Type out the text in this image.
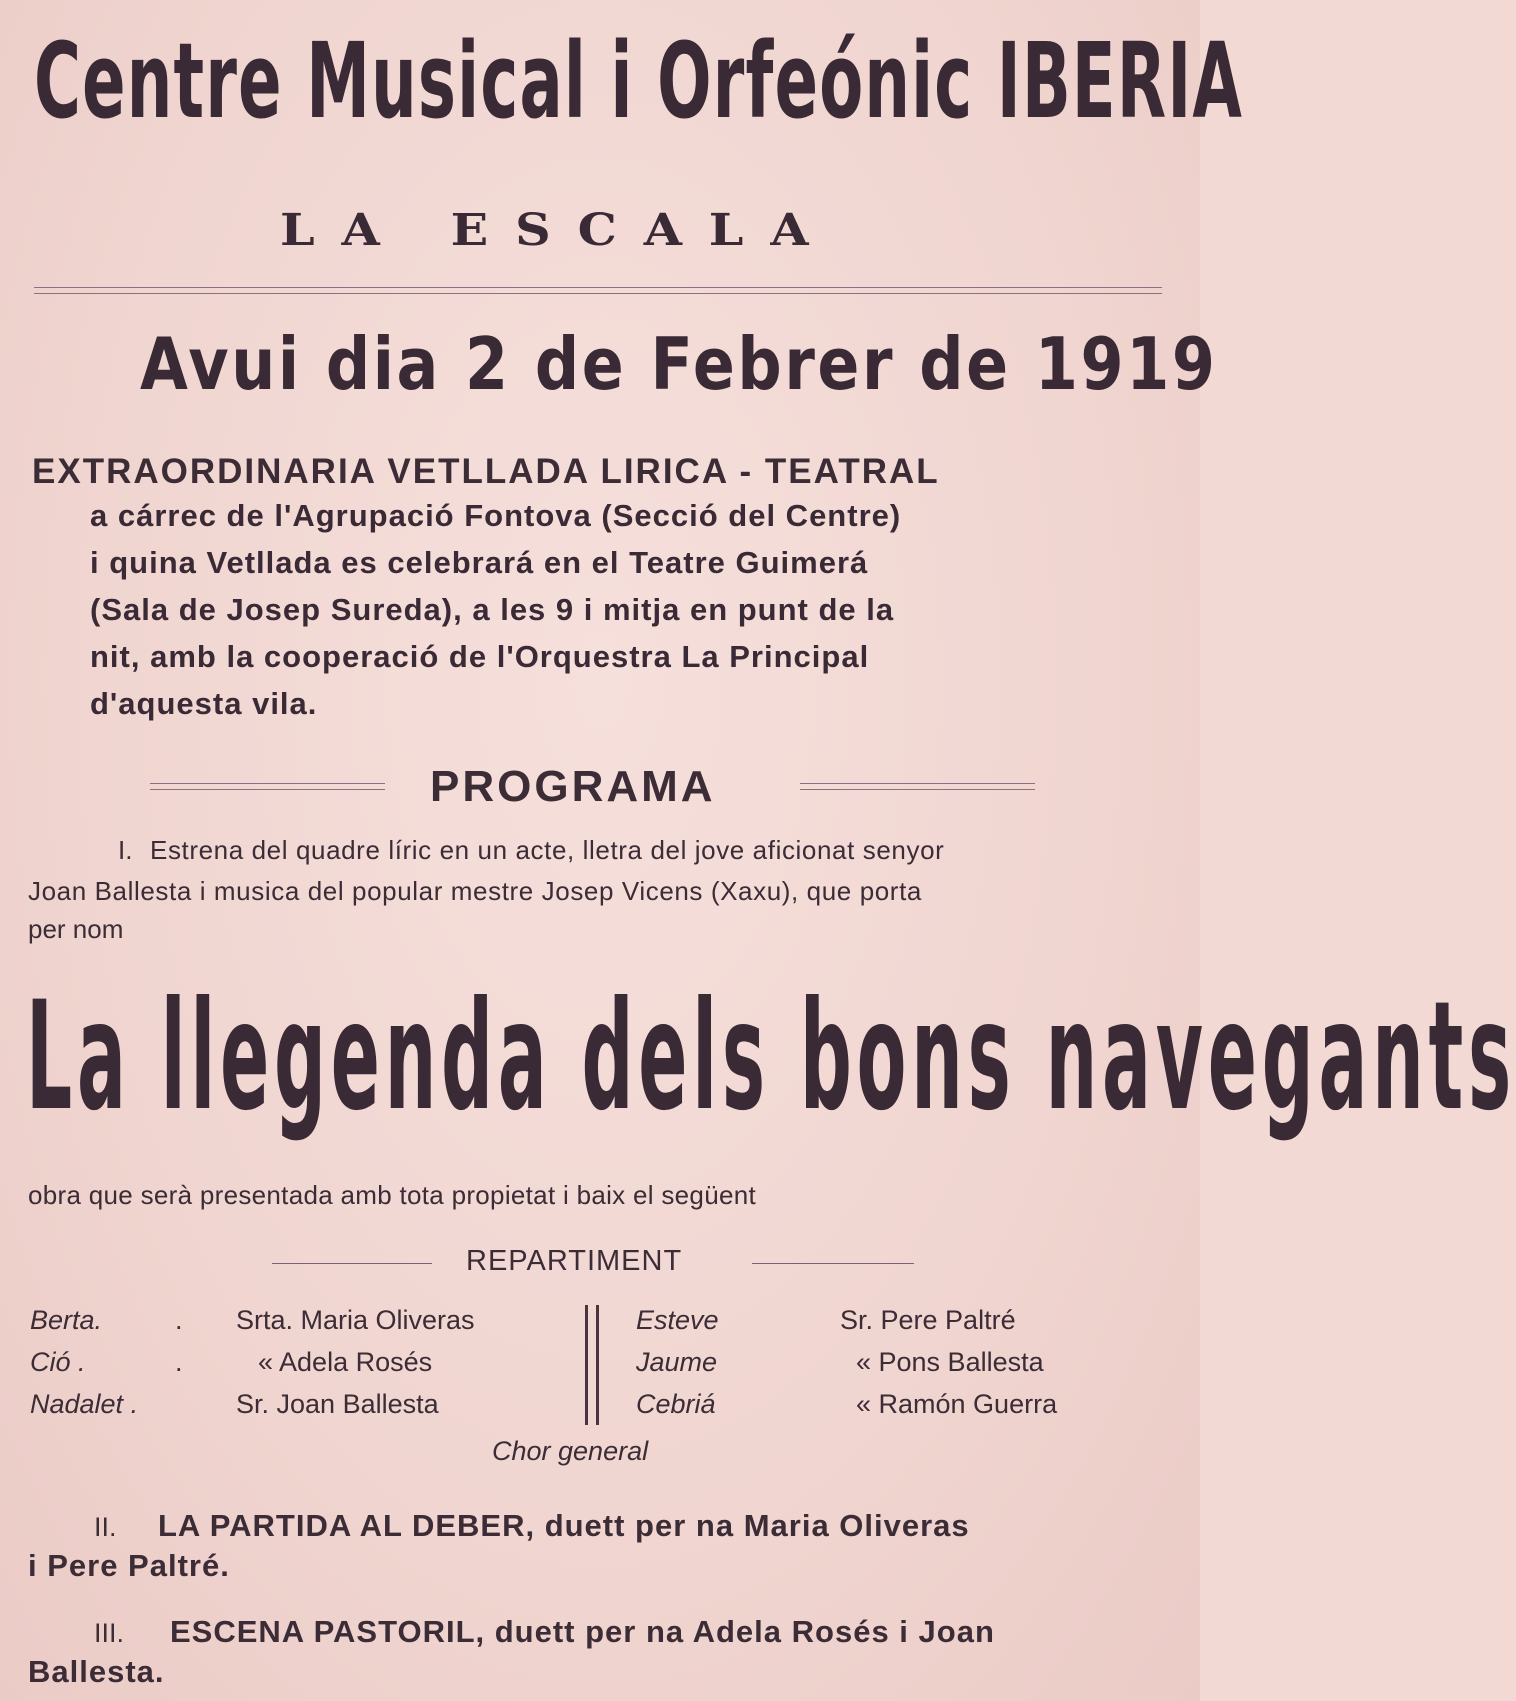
Centre Musical i Orfeónic IBERIA
LA ESCALA
Avui dia 2 de Febrer de 1919
EXTRAORDINARIA VETLLADA LIRICA - TEATRAL
a cárrec de l'Agrupació Fontova (Secció del Centre)
i quina Vetllada es celebrará en el Teatre Guimerá
(Sala de Josep Sureda), a les 9 i mitja en punt de la
nit, amb la cooperació de l'Orquestra La Principal
d'aquesta vila.
PROGRAMA
I. Estrena del quadre líric en un acte, lletra del jove aficionat senyor
Joan Ballesta i musica del popular mestre Josep Vicens (Xaxu), que porta
per nom
La llegenda dels bons navegants
obra que serà presentada amb tota propietat i baix el següent
REPARTIMENT
Berta.	. Srta. Maria Oliveras
Ció .	.	« Adela Rosés
Nadalet .	Sr. Joan Ballesta
Esteve	Sr. Pere Paltré
Jaume	« Pons Ballesta
Cebriá	« Ramón Guerra
Chor general
II. LA PARTIDA AL DEBER, duett per na Maria Oliveras
i Pere Paltré.
III. ESCENA PASTORIL, duett per na Adela Rosés i Joan
Ballesta.
